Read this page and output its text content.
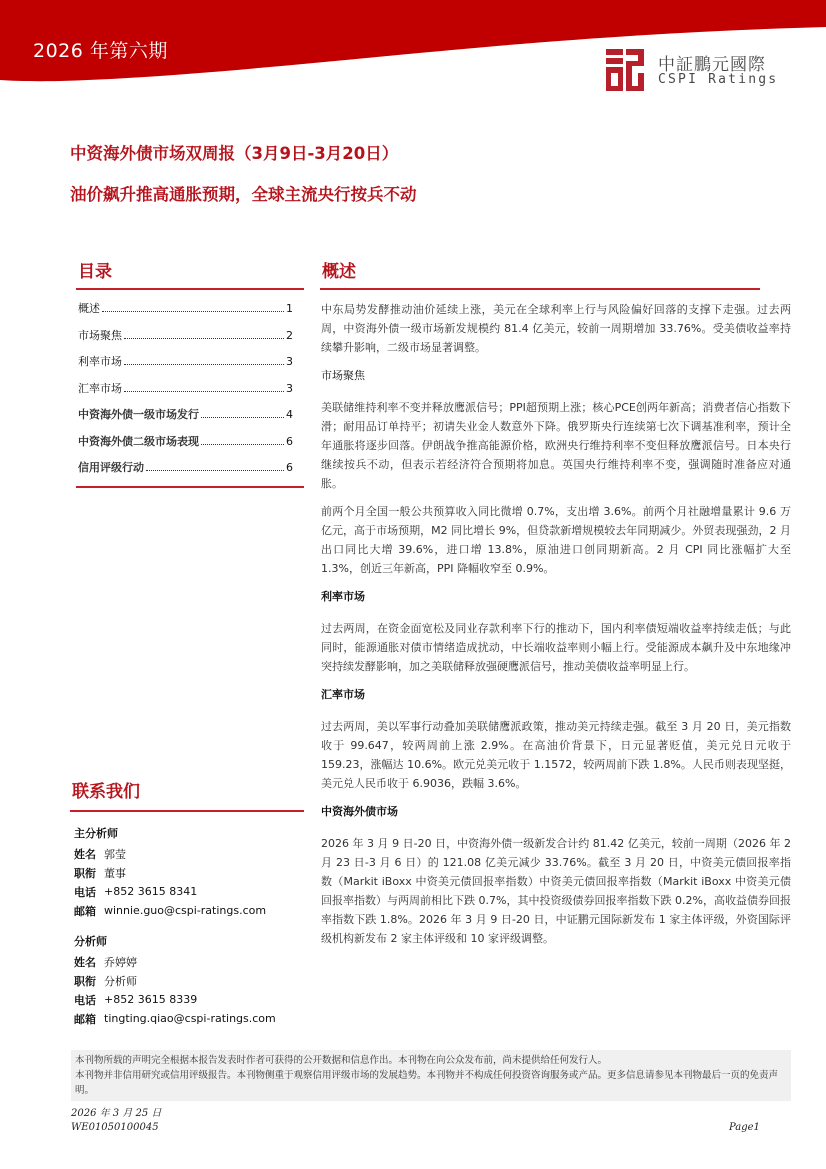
2026 年第六期
中証鵬元國際
CSPI Ratings
中资海外债市场双周报（3月9日-3月20日）
油价飙升推高通胀预期，全球主流央行按兵不动
目录
概述	1
市场聚焦	2
利率市场	3
汇率市场	3
中资海外债一级市场发行	4
中资海外债二级市场表现	6
信用评级行动	6
联系我们
主分析师
姓名 郭莹
职衔 董事
电话 +852 3615 8341
邮箱 winnie.guo@cspi-ratings.com
分析师
姓名 乔婷婷
职衔 分析师
电话 +852 3615 8339
邮箱 tingting.qiao@cspi-ratings.com
概述

中东局势发酵推动油价延续上涨，美元在全球利率上行与风险偏好回落的支撑下走强。过去两周，中资海外债一级市场新发规模约 81.4 亿美元，较前一周期增加 33.76%。受美债收益率持续攀升影响，二级市场显著调整。

市场聚焦

美联储维持利率不变并释放鹰派信号；PPI超预期上涨；核心PCE创两年新高；消费者信心指数下滑；耐用品订单持平；初请失业金人数意外下降。俄罗斯央行连续第七次下调基准利率，预计全年通胀将逐步回落。伊朗战争推高能源价格，欧洲央行维持利率不变但释放鹰派信号。日本央行继续按兵不动，但表示若经济符合预期将加息。英国央行维持利率不变，强调随时准备应对通胀。

前两个月全国一般公共预算收入同比微增 0.7%，支出增 3.6%。前两个月社融增量累计 9.6 万亿元，高于市场预期，M2 同比增长 9%，但贷款新增规模较去年同期减少。外贸表现强劲，2 月出口同比大增 39.6%，进口增 13.8%，原油进口创同期新高。2 月 CPI 同比涨幅扩大至 1.3%，创近三年新高，PPI 降幅收窄至 0.9%。

利率市场

过去两周，在资金面宽松及同业存款利率下行的推动下，国内利率债短端收益率持续走低；与此同时，能源通胀对债市情绪造成扰动，中长端收益率则小幅上行。受能源成本飙升及中东地缘冲突持续发酵影响，加之美联储释放强硬鹰派信号，推动美债收益率明显上行。

汇率市场

过去两周，美以军事行动叠加美联储鹰派政策，推动美元持续走强。截至 3 月 20 日，美元指数收于 99.647，较两周前上涨 2.9%。在高油价背景下，日元显著贬值，美元兑日元收于 159.23，涨幅达 10.6%。欧元兑美元收于 1.1572，较两周前下跌 1.8%。人民币则表现坚挺，美元兑人民币收于 6.9036，跌幅 3.6%。

中资海外债市场

2026 年 3 月 9 日-20 日，中资海外债一级新发合计约 81.42 亿美元，较前一周期（2026 年 2 月 23 日-3 月 6 日）的 121.08 亿美元减少 33.76%。截至 3 月 20 日，中资美元债回报率指数（Markit iBoxx 中资美元债回报率指数）中资美元债回报率指数（Markit iBoxx 中资美元债回报率指数）与两周前相比下跌 0.7%，其中投资级债券回报率指数下跌 0.2%，高收益债券回报率指数下跌 1.8%。2026 年 3 月 9 日-20 日，中证鹏元国际新发布 1 家主体评级，外资国际评级机构新发布 2 家主体评级和 10 家评级调整。

本刊物所载的声明完全根据本报告发表时作者可获得的公开数据和信息作出。本刊物在向公众发布前，尚未提供给任何发行人。
本刊物并非信用研究或信用评级报告。本刊物侧重于观察信用评级市场的发展趋势。本刊物并不构成任何投资咨询服务或产品。更多信息请参见本刊物最后一页的免责声明。
2026 年 3 月 25 日
WE01050100045	Page1
